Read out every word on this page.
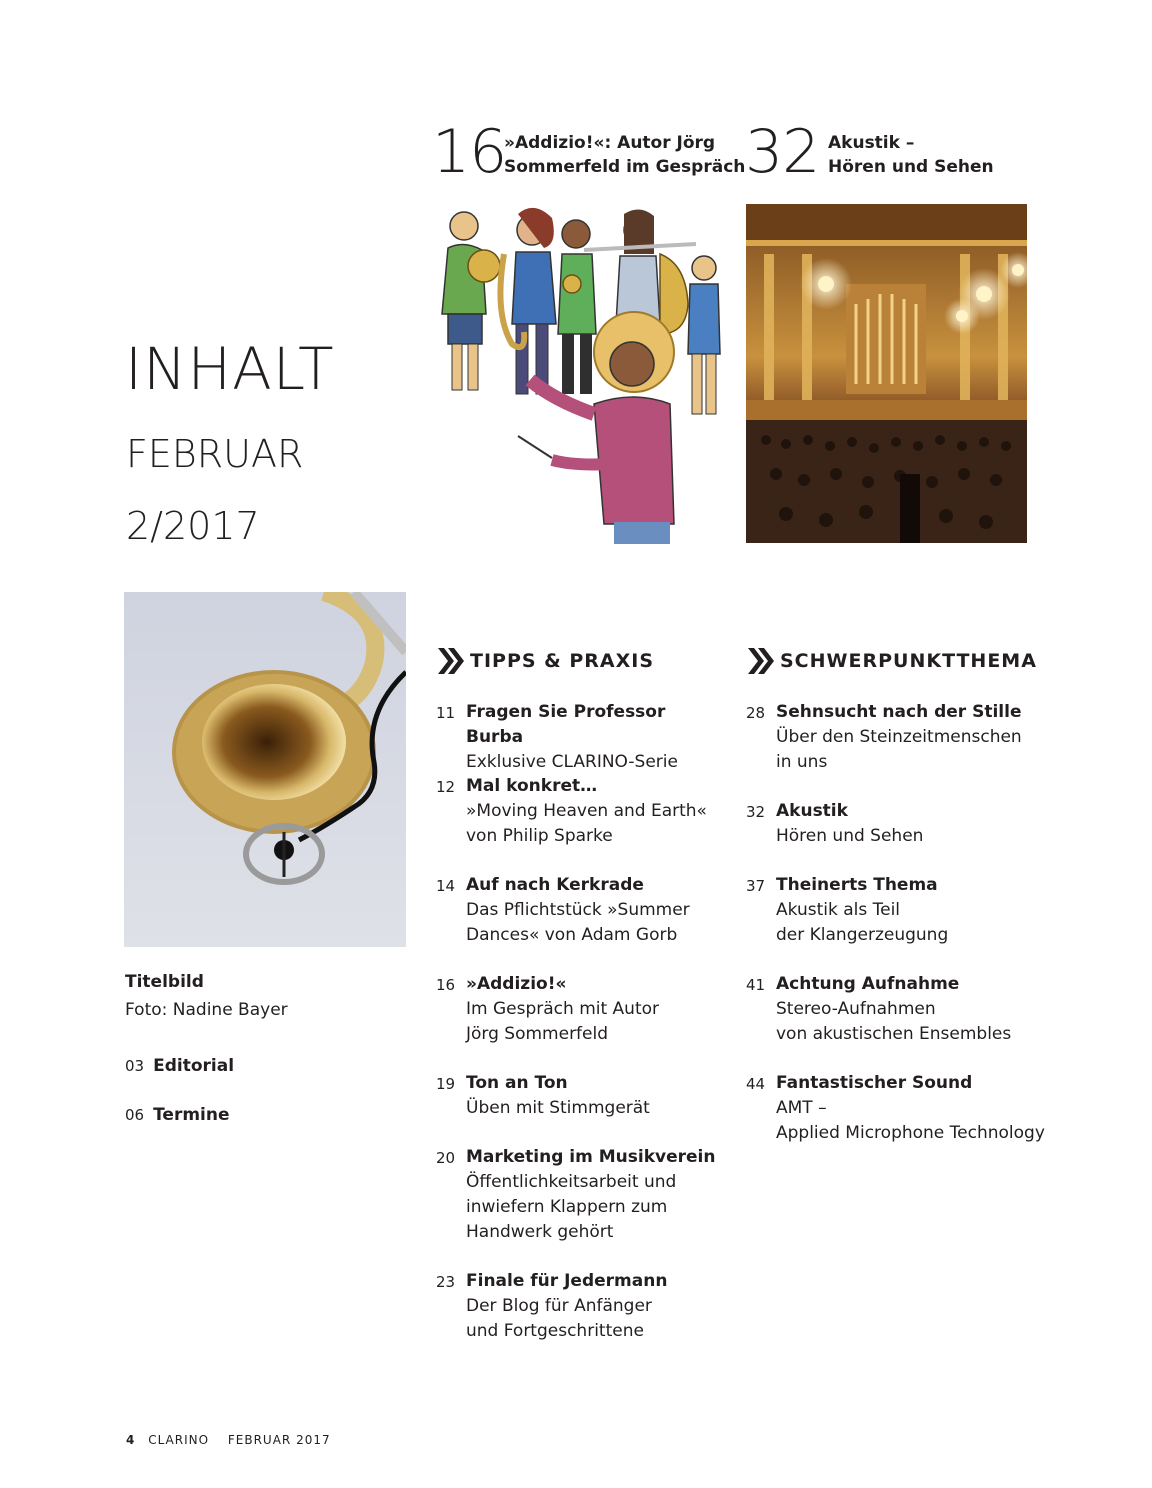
INHALT
FEBRUAR
2/2017
16
»Addizio!«: Autor Jörg
Sommerfeld im Gespräch 32 Akustik –
Hören und Sehen
Titelbild
Foto: Nadine Bayer
03 Editorial
06 Termine
TIPPS & PRAXIS
11 Fragen Sie Professor Burba
Exklusive CLARINO-Serie
12 Mal konkret…
»Moving Heaven and Earth«
von Philip Sparke
14 Auf nach Kerkrade
Das Pflichtstück »Summer
Dances« von Adam Gorb
16 »Addizio!«
Im Gespräch mit Autor
Jörg Sommerfeld
19 Ton an Ton
Üben mit Stimmgerät
20 Marketing im Musikverein
Öffentlichkeitsarbeit und
inwiefern Klappern zum
Handwerk gehört
23 Finale für Jedermann
Der Blog für Anfänger
und Fortgeschrittene
SCHWERPUNKTTHEMA
28 Sehnsucht nach der Stille
Über den Steinzeitmenschen
in uns
32 Akustik
Hören und Sehen
37 Theinerts Thema
Akustik als Teil
der Klangerzeugung
41 Achtung Aufnahme
Stereo-Aufnahmen
von akustischen Ensembles
44 Fantastischer Sound
AMT –
Applied Microphone Technology
4 CLARINO FEBRUAR 2017
